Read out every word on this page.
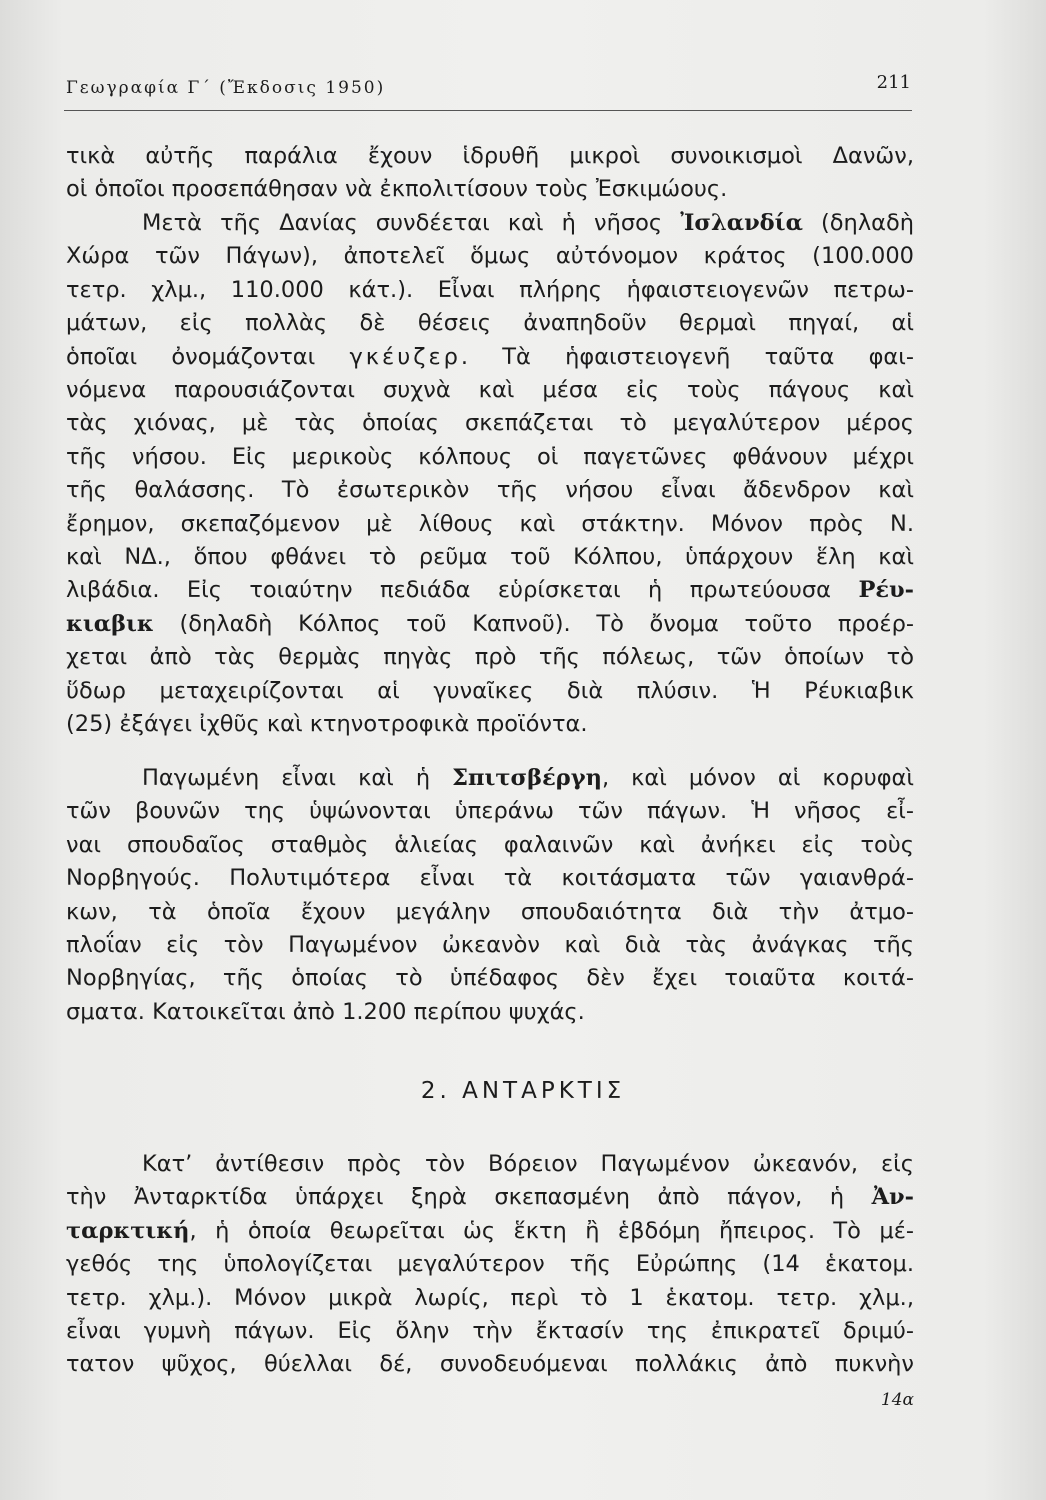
Γεωγραφία Γ΄ (Ἔκδοσις 1950)	211
τικὰ αὐτῆς παράλια ἔχουν ἱδρυθῆ μικροὶ συνοικισμοὶ Δανῶν,
οἱ ὁποῖοι προσεπάθησαν νὰ ἐκπολιτίσουν τοὺς Ἐσκιμώους.
Μετὰ τῆς Δανίας συνδέεται καὶ ἡ νῆσος Ἰσλανδία (δηλαδὴ
Χώρα τῶν Πάγων), ἀποτελεῖ ὅμως αὐτόνομον κράτος (100.000
τετρ. χλμ., 110.000 κάτ.). Εἶναι πλήρης ἡφαιστειογενῶν πετρω-
μάτων, εἰς πολλὰς δὲ θέσεις ἀναπηδοῦν θερμαὶ πηγαί, αἱ
ὁποῖαι ὀνομάζονται γκέυζερ. Τὰ ἡφαιστειογενῆ ταῦτα φαι-
νόμενα παρουσιάζονται συχνὰ καὶ μέσα εἰς τοὺς πάγους καὶ
τὰς χιόνας, μὲ τὰς ὁποίας σκεπάζεται τὸ μεγαλύτερον μέρος
τῆς νήσου. Εἰς μερικοὺς κόλπους οἱ παγετῶνες φθάνουν μέχρι
τῆς θαλάσσης. Τὸ ἐσωτερικὸν τῆς νήσου εἶναι ἄδενδρον καὶ
ἔρημον, σκεπαζόμενον μὲ λίθους καὶ στάκτην. Μόνον πρὸς Ν.
καὶ ΝΔ., ὅπου φθάνει τὸ ρεῦμα τοῦ Κόλπου, ὑπάρχουν ἕλη καὶ
λιβάδια. Εἰς τοιαύτην πεδιάδα εὑρίσκεται ἡ πρωτεύουσα Ρέυ-
κιαβικ (δηλαδὴ Κόλπος τοῦ Καπνοῦ). Τὸ ὄνομα τοῦτο προέρ-
χεται ἀπὸ τὰς θερμὰς πηγὰς πρὸ τῆς πόλεως, τῶν ὁποίων τὸ
ὕδωρ μεταχειρίζονται αἱ γυναῖκες διὰ πλύσιν. Ἡ Ρέυκιαβικ
(25) ἐξάγει ἰχθῦς καὶ κτηνοτροφικὰ προϊόντα.
Παγωμένη εἶναι καὶ ἡ Σπιτσβέργη, καὶ μόνον αἱ κορυφαὶ
τῶν βουνῶν της ὑψώνονται ὑπεράνω τῶν πάγων. Ἡ νῆσος εἶ-
ναι σπουδαῖος σταθμὸς ἁλιείας φαλαινῶν καὶ ἀνήκει εἰς τοὺς
Νορβηγούς. Πολυτιμότερα εἶναι τὰ κοιτάσματα τῶν γαιανθρά-
κων, τὰ ὁποῖα ἔχουν μεγάλην σπουδαιότητα διὰ τὴν ἀτμο-
πλοΐαν εἰς τὸν Παγωμένον ὠκεανὸν καὶ διὰ τὰς ἀνάγκας τῆς
Νορβηγίας, τῆς ὁποίας τὸ ὑπέδαφος δὲν ἔχει τοιαῦτα κοιτά-
σματα. Κατοικεῖται ἀπὸ 1.200 περίπου ψυχάς.
2. ΑΝΤΑΡΚΤΙΣ
Κατ’ ἀντίθεσιν πρὸς τὸν Βόρειον Παγωμένον ὠκεανόν, εἰς
τὴν Ἀνταρκτίδα ὑπάρχει ξηρὰ σκεπασμένη ἀπὸ πάγον, ἡ Ἀν-
ταρκτική, ἡ ὁποία θεωρεῖται ὡς ἕκτη ἢ ἑβδόμη ἤπειρος. Τὸ μέ-
γεθός της ὑπολογίζεται μεγαλύτερον τῆς Εὐρώπης (14 ἑκατομ.
τετρ. χλμ.). Μόνον μικρὰ λωρίς, περὶ τὸ 1 ἑκατομ. τετρ. χλμ.,
εἶναι γυμνὴ πάγων. Εἰς ὅλην τὴν ἔκτασίν της ἐπικρατεῖ δριμύ-
τατον ψῦχος, θύελλαι δέ, συνοδευόμεναι πολλάκις ἀπὸ πυκνὴν
14α
